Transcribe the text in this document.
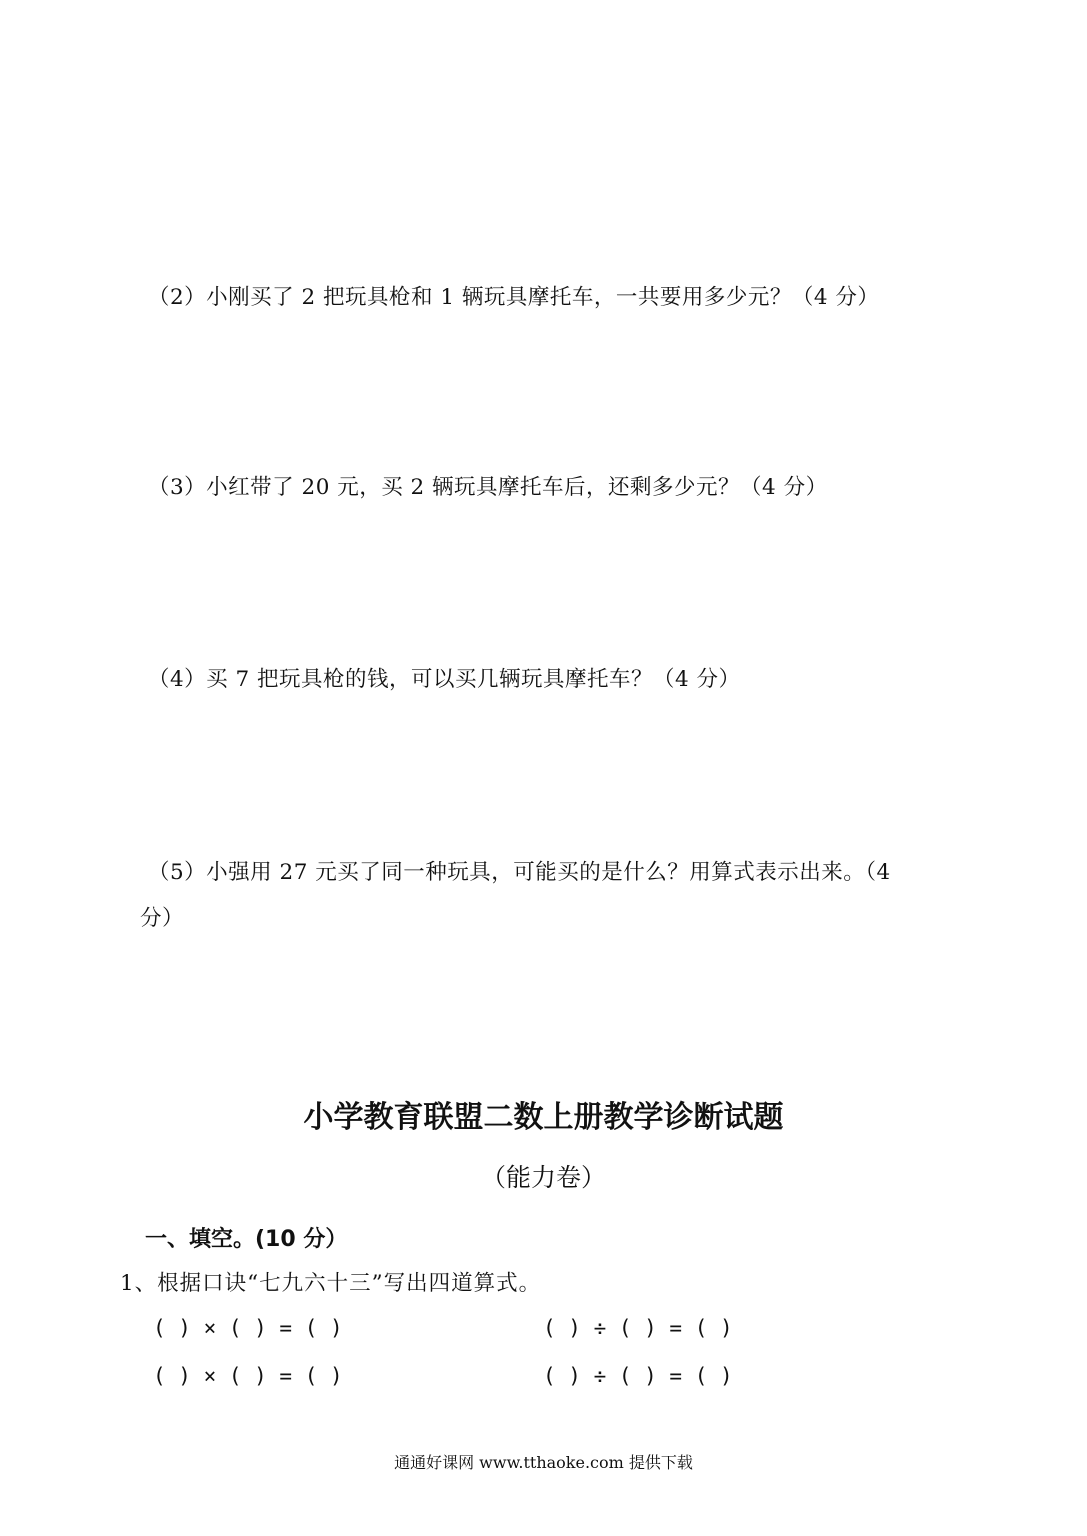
（2）小刚买了 2 把玩具枪和 1 辆玩具摩托车，一共要用多少元？（4 分）
（3）小红带了 20 元，买 2 辆玩具摩托车后，还剩多少元？（4 分）
（4）买 7 把玩具枪的钱，可以买几辆玩具摩托车？（4 分）
（5）小强用 27 元买了同一种玩具，可能买的是什么？用算式表示出来。（4
分）
小学教育联盟二数上册教学诊断试题
（能力卷）
一、填空。(10 分）
1、根据口诀“七九六十三”写出四道算式。
( ) × ( ) = ( )	( ) ÷ ( ) = ( )
( ) × ( ) = ( )	( ) ÷ ( ) = ( )
通通好课网 www.tthaoke.com 提供下载
